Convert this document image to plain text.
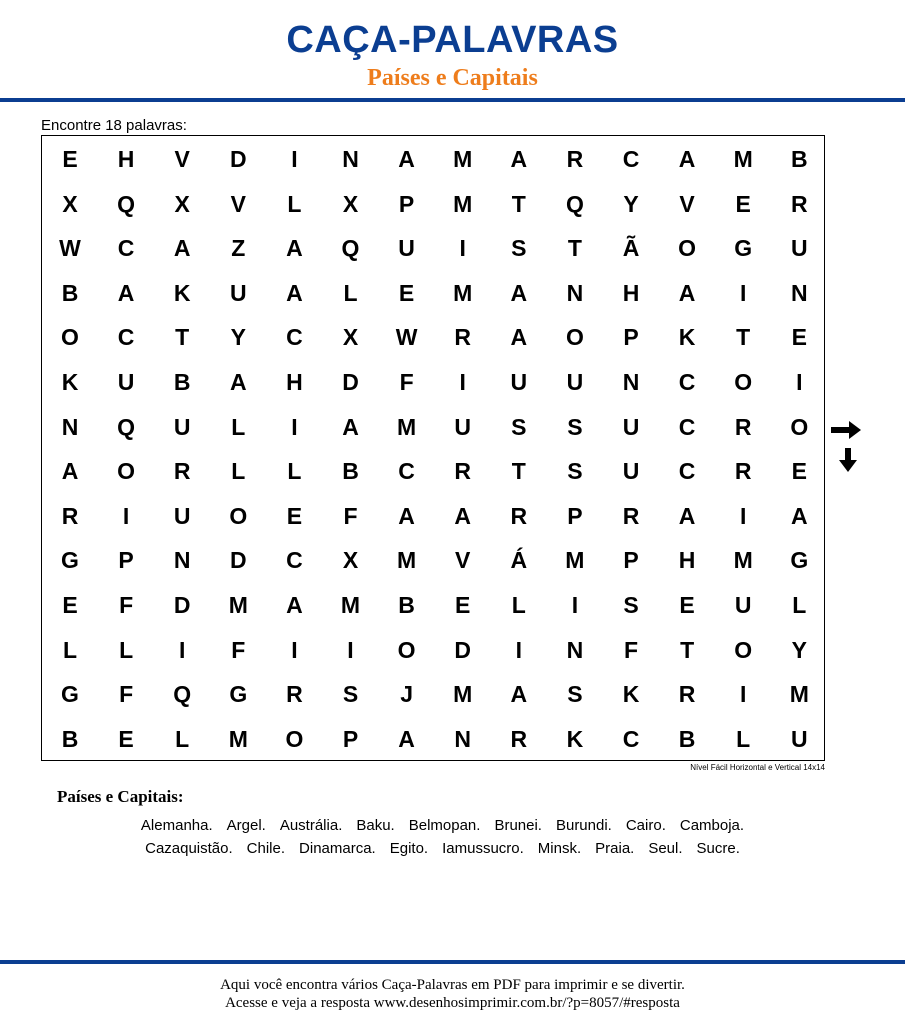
CAÇA-PALAVRAS
Países e Capitais
Encontre 18 palavras:
E	H	V	D	I	N	A	M	A	R	C	A	M	B
X	Q	X	V	L	X	P	M	T	Q	Y	V	E	R
W	C	A	Z	A	Q	U	I	S	T	Ã	O	G	U
B	A	K	U	A	L	E	M	A	N	H	A	I	N
O	C	T	Y	C	X	W	R	A	O	P	K	T	E
K	U	B	A	H	D	F	I	U	U	N	C	O	I
N	Q	U	L	I	A	M	U	S	S	U	C	R	O
A	O	R	L	L	B	C	R	T	S	U	C	R	E
R	I	U	O	E	F	A	A	R	P	R	A	I	A
G	P	N	D	C	X	M	V	Á	M	P	H	M	G
E	F	D	M	A	M	B	E	L	I	S	E	U	L
L	L	I	F	I	I	O	D	I	N	F	T	O	Y
G	F	Q	G	R	S	J	M	A	S	K	R	I	M
B	E	L	M	O	P	A	N	R	K	C	B	L	U
Nível Fácil Horizontal e Vertical 14x14
Países e Capitais:
Alemanha. Argel. Austrália. Baku. Belmopan. Brunei. Burundi. Cairo. Camboja.
Cazaquistão. Chile. Dinamarca. Egito. Iamussucro. Minsk. Praia. Seul. Sucre.
Aqui você encontra vários Caça-Palavras em PDF para imprimir e se divertir.
Acesse e veja a resposta www.desenhosimprimir.com.br/?p=8057/#resposta
